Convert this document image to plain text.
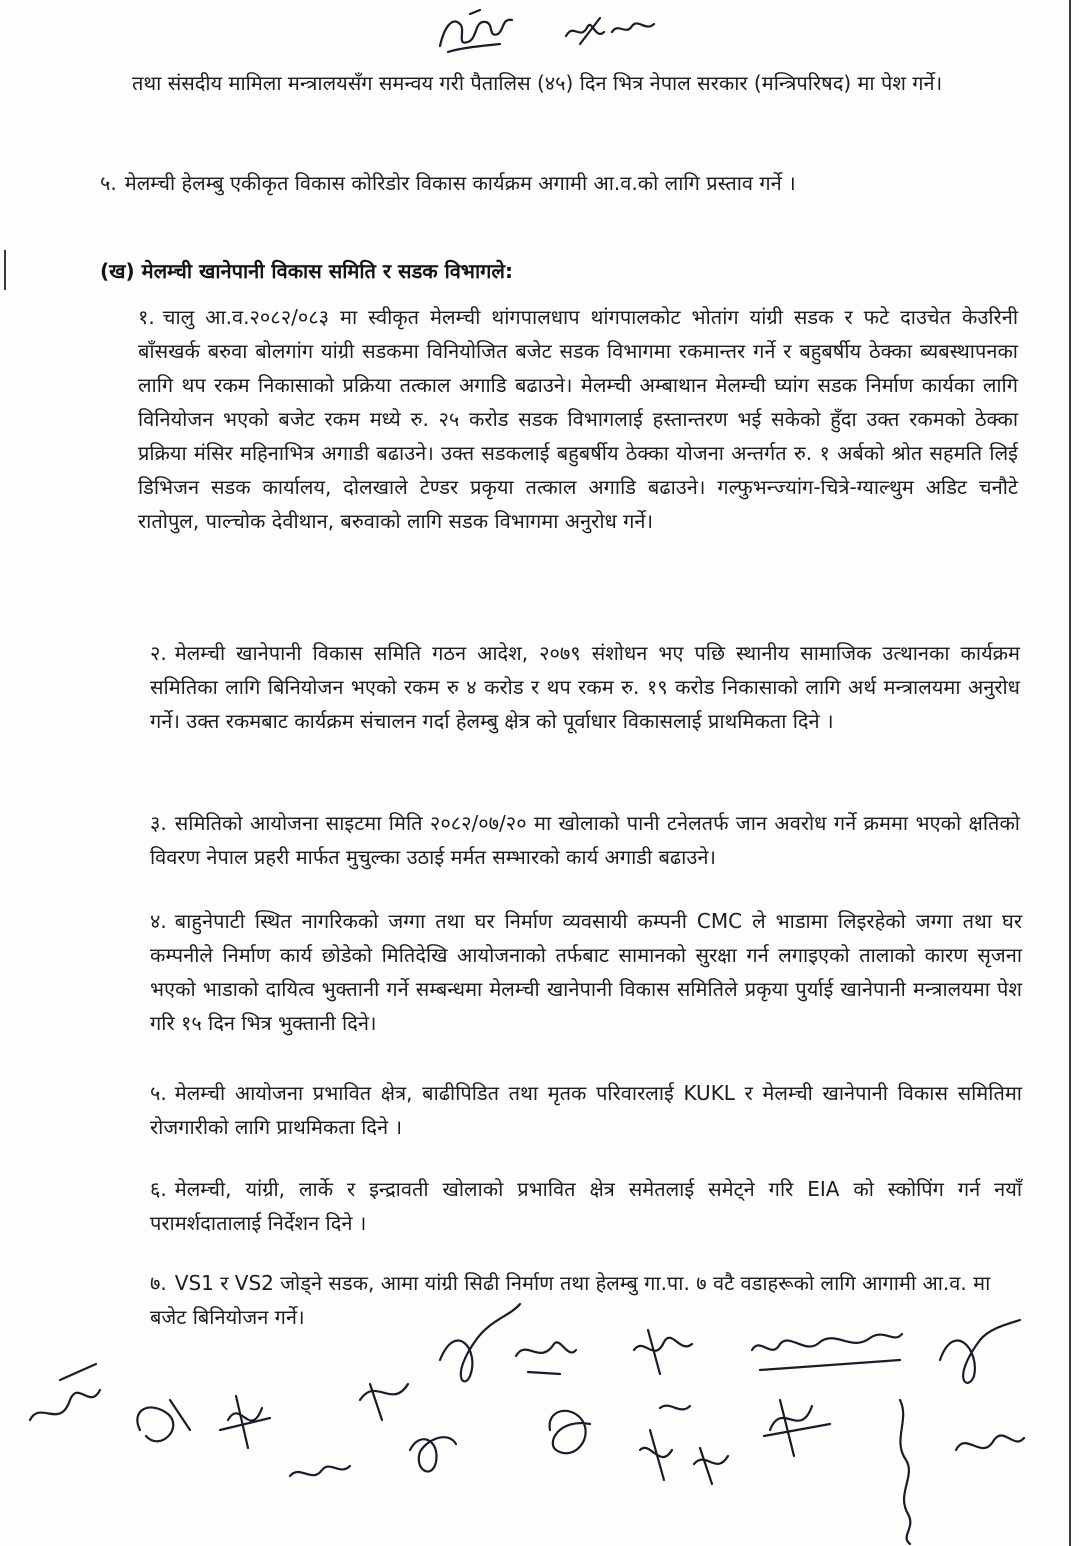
तथा संसदीय मामिला मन्त्रालयसँग समन्वय गरी पैतालिस (४५) दिन भित्र नेपाल सरकार (मन्त्रिपरिषद) मा पेश गर्ने।
५. मेलम्ची हेलम्बु एकीकृत विकास कोरिडोर विकास कार्यक्रम अगामी आ.व.को लागि प्रस्ताव गर्ने ।
(ख) मेलम्ची खानेपानी विकास समिति र सडक विभागले:
१. चालु आ.व.२०८२/०८३ मा स्वीकृत मेलम्ची थांगपालधाप थांगपालकोट भोतांग यांग्री सडक र फटे दाउचेत केउरिनी बाँसखर्क बरुवा बोलगांग यांग्री सडकमा विनियोजित बजेट सडक विभागमा रकमान्तर गर्ने र बहुबर्षीय ठेक्का ब्यबस्थापनका लागि थप रकम निकासाको प्रक्रिया तत्काल अगाडि बढाउने। मेलम्ची अम्बाथान मेलम्ची घ्यांग सडक निर्माण कार्यका लागि विनियोजन भएको बजेट रकम मध्ये रु. २५ करोड सडक विभागलाई हस्तान्तरण भई सकेको हुँदा उक्त रकमको ठेक्का प्रक्रिया मंसिर महिनाभित्र अगाडी बढाउने। उक्त सडकलाई बहुबर्षीय ठेक्का योजना अन्तर्गत रु. १ अर्बको श्रोत सहमति लिई डिभिजन सडक कार्यालय, दोलखाले टेण्डर प्रकृया तत्काल अगाडि बढाउने। गल्फुभन्ज्यांग-चित्रे-ग्याल्थुम अडिट चनौटे रातोपुल, पाल्चोक देवीथान, बरुवाको लागि सडक विभागमा अनुरोध गर्ने।
२. मेलम्ची खानेपानी विकास समिति गठन आदेश, २०७९ संशोधन भए पछि स्थानीय सामाजिक उत्थानका कार्यक्रम समितिका लागि बिनियोजन भएको रकम रु ४ करोड र थप रकम रु. १९ करोड निकासाको लागि अर्थ मन्त्रालयमा अनुरोध गर्ने। उक्त रकमबाट कार्यक्रम संचालन गर्दा हेलम्बु क्षेत्र को पूर्वाधार विकासलाई प्राथमिकता दिने ।
३. समितिको आयोजना साइटमा मिति २०८२/०७/२० मा खोलाको पानी टनेलतर्फ जान अवरोध गर्ने क्रममा भएको क्षतिको विवरण नेपाल प्रहरी मार्फत मुचुल्का उठाई मर्मत सम्भारको कार्य अगाडी बढाउने।
४. बाहुनेपाटी स्थित नागरिकको जग्गा तथा घर निर्माण व्यवसायी कम्पनी CMC ले भाडामा लिइरहेको जग्गा तथा घर कम्पनीले निर्माण कार्य छोडेको मितिदेखि आयोजनाको तर्फबाट सामानको सुरक्षा गर्न लगाइएको तालाको कारण सृजना भएको भाडाको दायित्व भुक्तानी गर्ने सम्बन्धमा मेलम्ची खानेपानी विकास समितिले प्रकृया पुर्याई खानेपानी मन्त्रालयमा पेश गरि १५ दिन भित्र भुक्तानी दिने।
५. मेलम्ची आयोजना प्रभावित क्षेत्र, बाढीपिडित तथा मृतक परिवारलाई KUKL र मेलम्ची खानेपानी विकास समितिमा रोजगारीको लागि प्राथमिकता दिने ।
६. मेलम्ची, यांग्री, लार्के र इन्द्रावती खोलाको प्रभावित क्षेत्र समेतलाई समेट्ने गरि EIA को स्कोपिंग गर्न नयाँ परामर्शदातालाई निर्देशन दिने ।
७. VS1 र VS2 जोड्ने सडक, आमा यांग्री सिढी निर्माण तथा हेलम्बु गा.पा. ७ वटै वडाहरूको लागि आगामी आ.व. मा बजेट बिनियोजन गर्ने।
